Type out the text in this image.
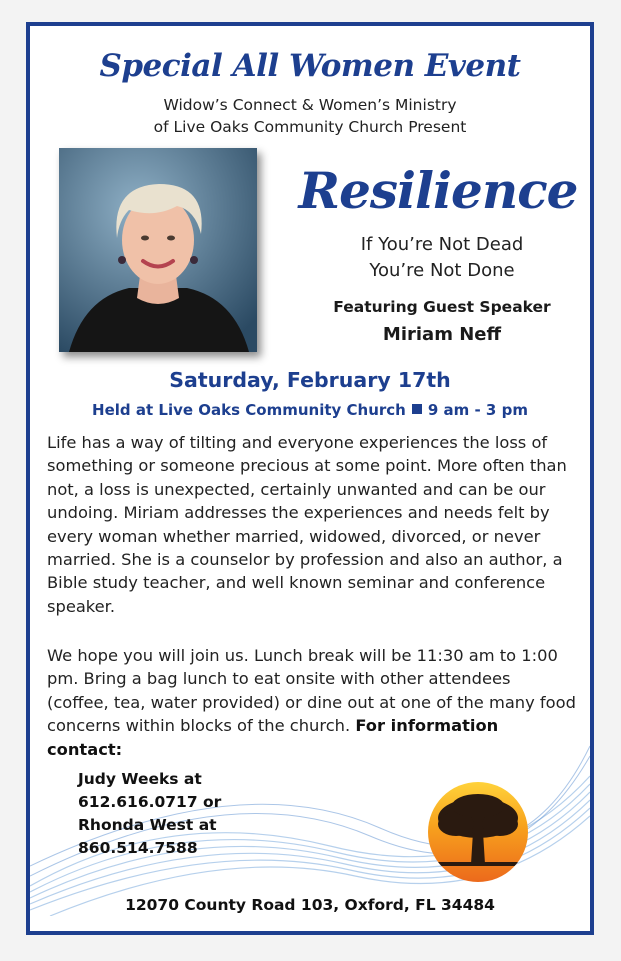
Special All Women Event
Widow’s Connect & Women’s Ministry
of Live Oaks Community Church Present
Resilience
If You’re Not Dead
You’re Not Done
Featuring Guest Speaker
Miriam Neff
Saturday, February 17th
Held at Live Oaks Community Church 9 am - 3 pm

Life has a way of tilting and everyone experiences the loss of something or someone precious at some point. More often than not, a loss is unexpected, certainly unwanted and can be our undoing. Miriam addresses the experiences and needs felt by every woman whether married, widowed, divorced, or never married. She is a counselor by profession and also an author, a Bible study teacher, and well known seminar and conference speaker.

We hope you will join us. Lunch break will be 11:30 am to 1:00 pm. Bring a bag lunch to eat onsite with other attendees (coffee, tea, water provided) or dine out at one of the many food concerns within blocks of the church. For information contact:

Judy Weeks at
612.616.0717 or
Rhonda West at
860.514.7588
12070 County Road 103, Oxford, FL 34484
